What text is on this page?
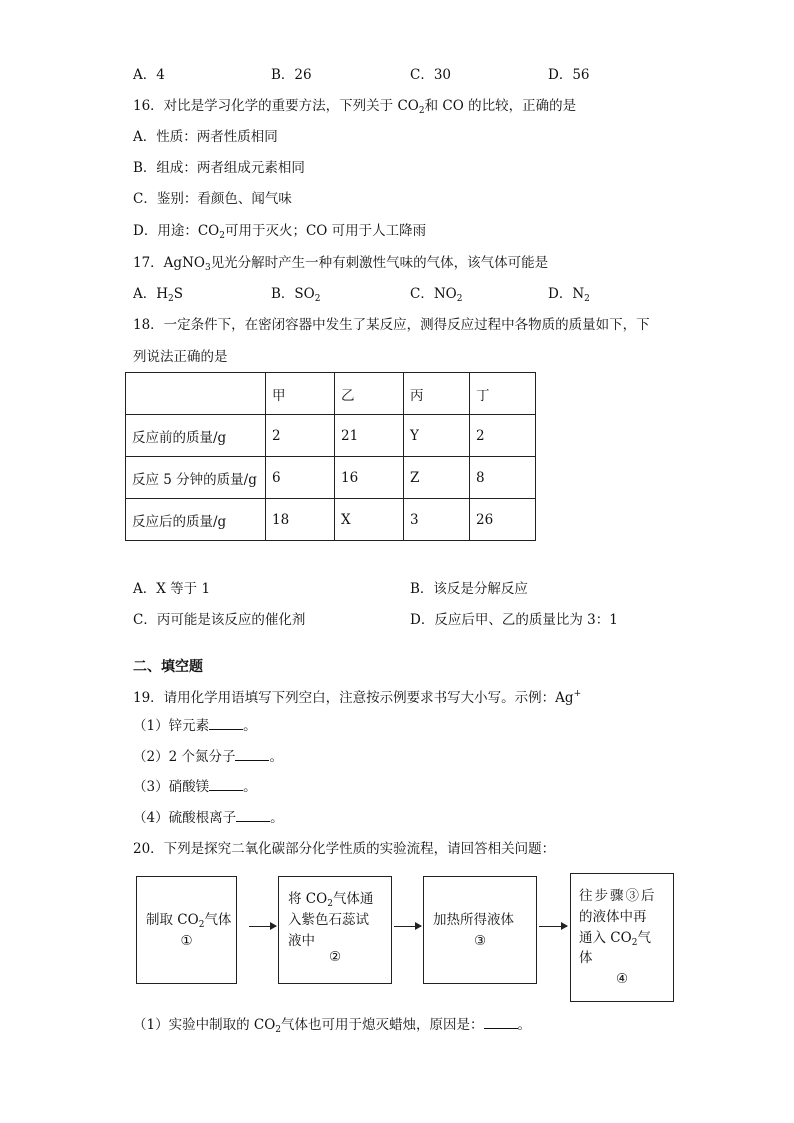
A．4	B．26	C．30	D．56
16．对比是学习化学的重要方法，下列关于 $CO_2$和 CO 的比较，正确的是
A．性质：两者性质相同
B．组成：两者组成元素相同
C．鉴别：看颜色、闻气味
D．用途：$CO_2$可用于灭火；CO 可用于人工降雨
17．AgNO$_3$见光分解时产生一种有刺激性气味的气体，该气体可能是
A．$H_2S$	B．$SO_2$	C．$NO_2$	D．$N_2$
18．一定条件下，在密闭容器中发生了某反应，测得反应过程中各物质的质量如下，下
列说法正确的是
	甲	乙	丙	丁
反应前的质量/g	2	21	Y	2
反应 5 分钟的质量/g	6	16	Z	8
反应后的质量/g	18	X	3	26
A．X 等于 1	B．该反是分解反应
C．丙可能是该反应的催化剂	D．反应后甲、乙的质量比为 3：1
二、填空题
19．请用化学用语填写下列空白，注意按示例要求书写大小写。示例：Ag+
（1）锌元素	。
（2）2 个氮分子	。
（3）硝酸镁	。
（4）硫酸根离子	。
20．下列是探究二氧化碳部分化学性质的实验流程，请回答相关问题：
制取 $CO_2$气体
①
将 $CO_2$气体通
入紫色石蕊试
液中
②
加热所得液体
③
往步骤③后
的液体中再
通入 $CO_2$气
体
④
（1）实验中制取的 $CO_2$气体也可用于熄灭蜡烛，原因是：	。
